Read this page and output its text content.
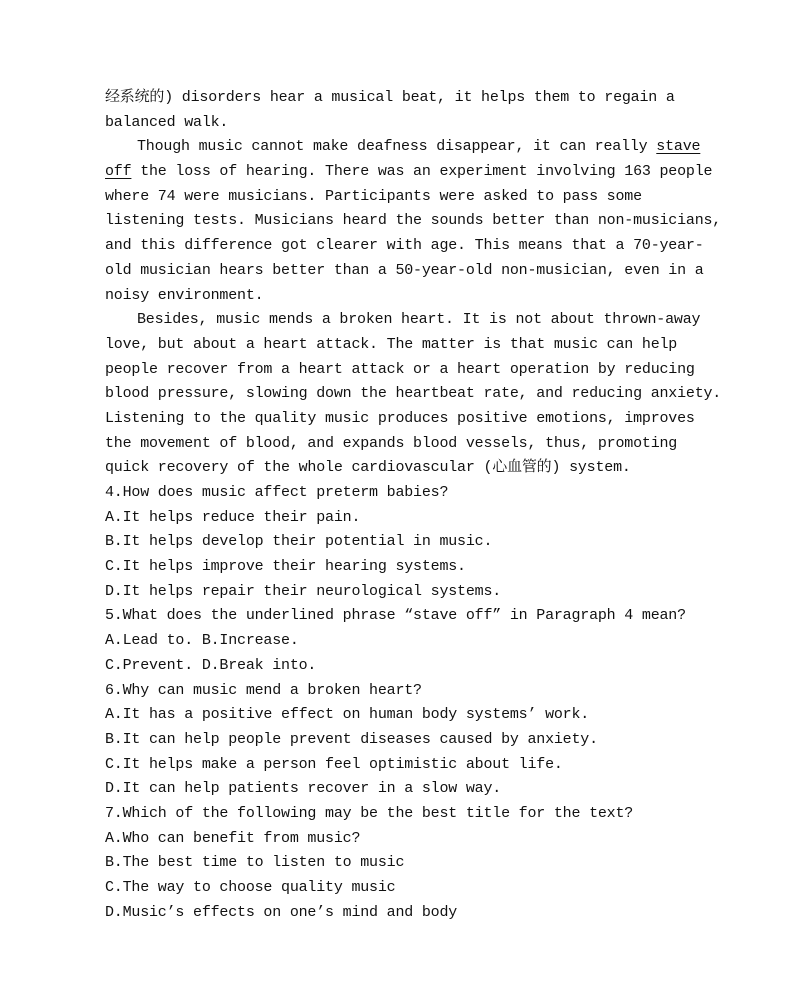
经系统的) disorders hear a musical beat, it helps them to regain a
balanced walk.
Though music cannot make deafness disappear, it can really stave
off the loss of hearing. There was an experiment involving 163 people
where 74 were musicians. Participants were asked to pass some
listening tests. Musicians heard the sounds better than non-musicians,
and this difference got clearer with age. This means that a 70-year-
old musician hears better than a 50-year-old non-musician, even in a
noisy environment.
Besides, music mends a broken heart. It is not about thrown-away
love, but about a heart attack. The matter is that music can help
people recover from a heart attack or a heart operation by reducing
blood pressure, slowing down the heartbeat rate, and reducing anxiety.
Listening to the quality music produces positive emotions, improves
the movement of blood, and expands blood vessels, thus, promoting
quick recovery of the whole cardiovascular (心血管的) system.
4.How does music affect preterm babies?
A.It helps reduce their pain.
B.It helps develop their potential in music.
C.It helps improve their hearing systems.
D.It helps repair their neurological systems.
5.What does the underlined phrase “stave off” in Paragraph 4 mean?
A.Lead to. B.Increase.
C.Prevent. D.Break into.
6.Why can music mend a broken heart?
A.It has a positive effect on human body systems’ work.
B.It can help people prevent diseases caused by anxiety.
C.It helps make a person feel optimistic about life.
D.It can help patients recover in a slow way.
7.Which of the following may be the best title for the text?
A.Who can benefit from music?
B.The best time to listen to music
C.The way to choose quality music
D.Music’s effects on one’s mind and body
